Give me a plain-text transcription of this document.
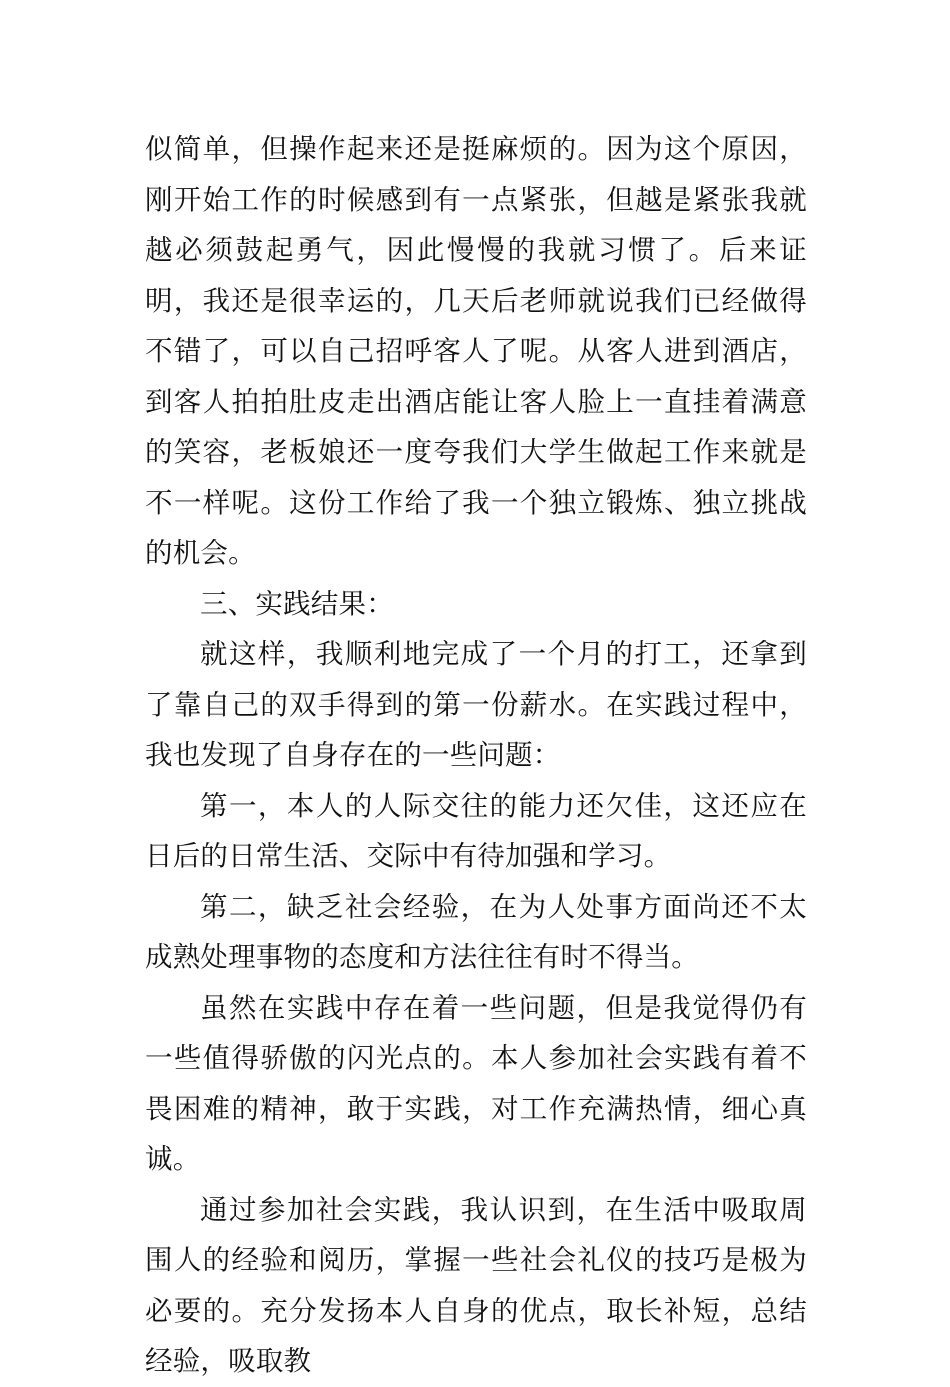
似简单，但操作起来还是挺麻烦的。因为这个原因，刚开始工作的时候感到有一点紧张，但越是紧张我就越必须鼓起勇气，因此慢慢的我就习惯了。后来证明，我还是很幸运的，几天后老师就说我们已经做得不错了，可以自己招呼客人了呢。从客人进到酒店，到客人拍拍肚皮走出酒店能让客人脸上一直挂着满意的笑容，老板娘还一度夸我们大学生做起工作来就是不一样呢。这份工作给了我一个独立锻炼、独立挑战的机会。

三、实践结果：

就这样，我顺利地完成了一个月的打工，还拿到了靠自己的双手得到的第一份薪水。在实践过程中，我也发现了自身存在的一些问题：

第一，本人的人际交往的能力还欠佳，这还应在日后的日常生活、交际中有待加强和学习。

第二，缺乏社会经验，在为人处事方面尚还不太成熟处理事物的态度和方法往往有时不得当。

虽然在实践中存在着一些问题，但是我觉得仍有一些值得骄傲的闪光点的。本人参加社会实践有着不畏困难的精神，敢于实践，对工作充满热情，细心真诚。

通过参加社会实践，我认识到，在生活中吸取周围人的经验和阅历，掌握一些社会礼仪的技巧是极为必要的。充分发扬本人自身的优点，取长补短，总结经验，吸取教
